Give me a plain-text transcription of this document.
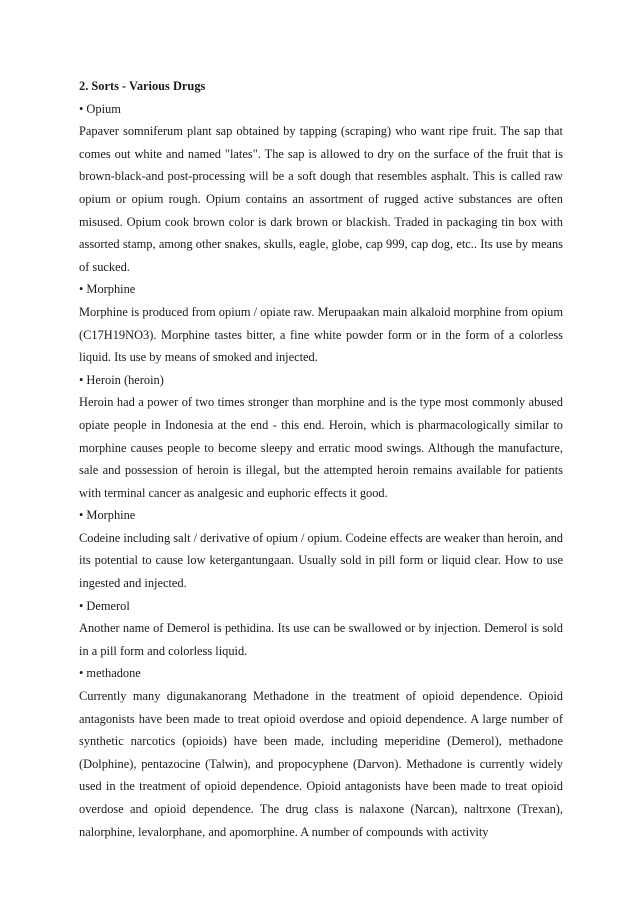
2. Sorts - Various Drugs

• Opium

Papaver somniferum plant sap obtained by tapping (scraping) who want ripe fruit. The sap that comes out white and named "lates". The sap is allowed to dry on the surface of the fruit that is brown-black-and post-processing will be a soft dough that resembles asphalt. This is called raw opium or opium rough. Opium contains an assortment of rugged active substances are often misused. Opium cook brown color is dark brown or blackish. Traded in packaging tin box with assorted stamp, among other snakes, skulls, eagle, globe, cap 999, cap dog, etc.. Its use by means of sucked.

• Morphine

Morphine is produced from opium / opiate raw. Merupaakan main alkaloid morphine from opium (C17H19NO3). Morphine tastes bitter, a fine white powder form or in the form of a colorless liquid. Its use by means of smoked and injected.

• Heroin (heroin)

Heroin had a power of two times stronger than morphine and is the type most commonly abused opiate people in Indonesia at the end - this end. Heroin, which is pharmacologically similar to morphine causes people to become sleepy and erratic mood swings. Although the manufacture, sale and possession of heroin is illegal, but the attempted heroin remains available for patients with terminal cancer as analgesic and euphoric effects it good.

• Morphine

Codeine including salt / derivative of opium / opium. Codeine effects are weaker than heroin, and its potential to cause low ketergantungaan. Usually sold in pill form or liquid clear. How to use ingested and injected.

• Demerol

Another name of Demerol is pethidina. Its use can be swallowed or by injection. Demerol is sold in a pill form and colorless liquid.

• methadone

Currently many digunakanorang Methadone in the treatment of opioid dependence. Opioid antagonists have been made to treat opioid overdose and opioid dependence. A large number of synthetic narcotics (opioids) have been made, including meperidine (Demerol), methadone (Dolphine), pentazocine (Talwin), and propocyphene (Darvon). Methadone is currently widely used in the treatment of opioid dependence. Opioid antagonists have been made to treat opioid overdose and opioid dependence. The drug class is nalaxone (Narcan), naltrxone (Trexan), nalorphine, levalorphane, and apomorphine. A number of compounds with activity
